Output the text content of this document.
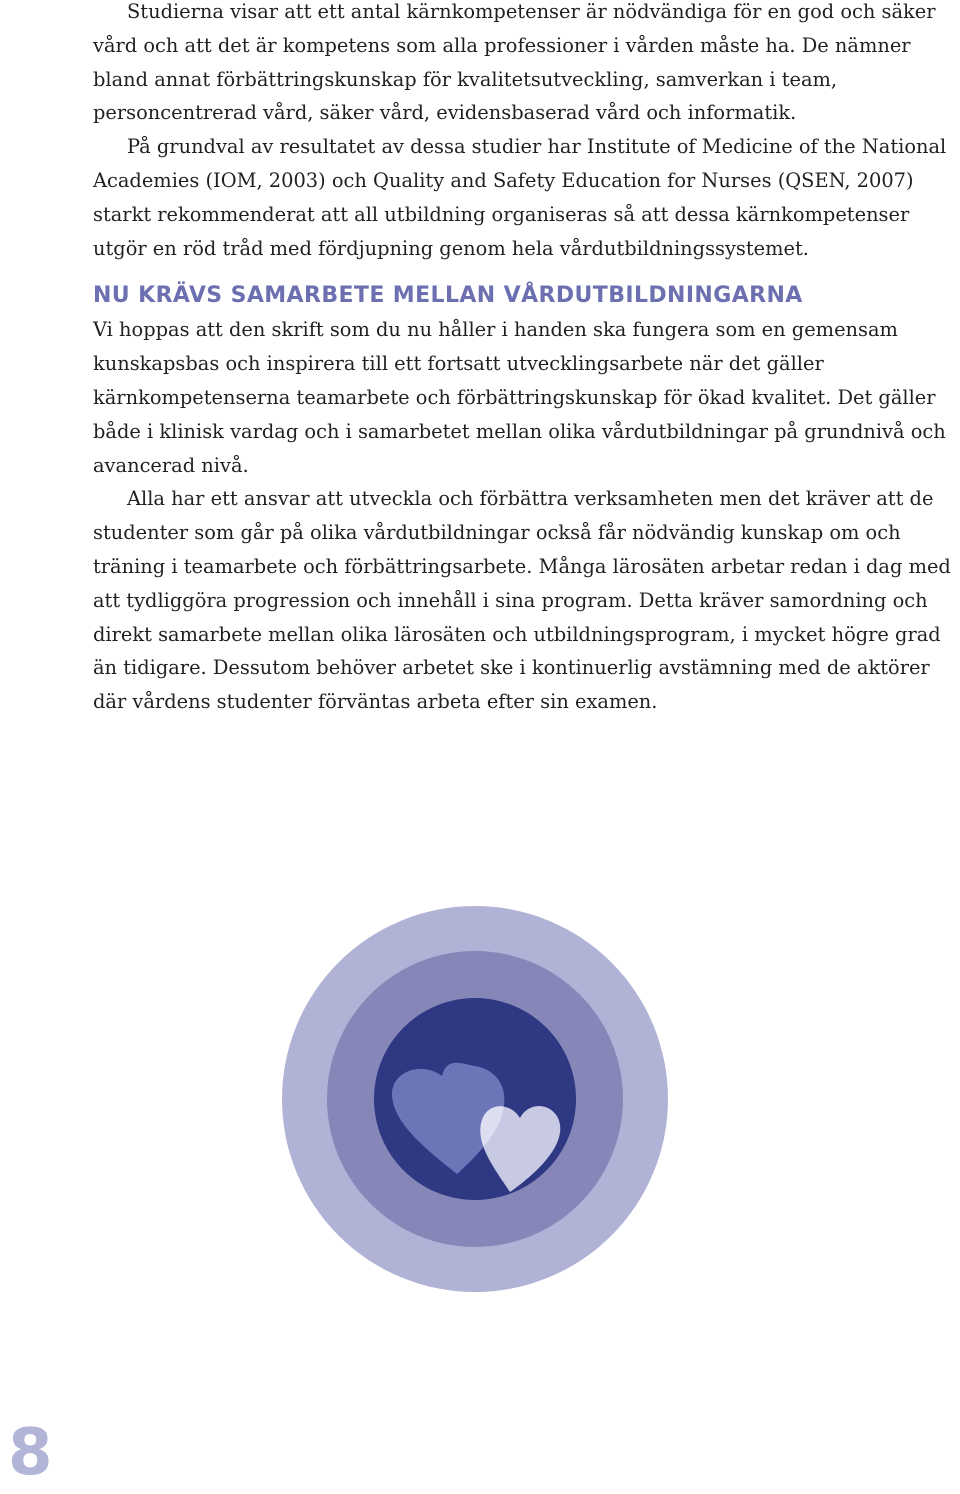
Studierna visar att ett antal kärnkompetenser är nödvändiga för en god och säker vård och att det är kompetens som alla professioner i vården måste ha. De nämner bland annat förbättringskunskap för kvalitetsutveckling, samverkan i team, personcentrerad vård, säker vård, evidensbaserad vård och informatik.

På grundval av resultatet av dessa studier har Institute of Medicine of the National Academies (IOM, 2003) och Quality and Safety Education for Nurses (QSEN, 2007) starkt rekommenderat att all utbildning organiseras så att dessa kärnkompetenser utgör en röd tråd med fördjupning genom hela vårdutbildningssystemet.

NU KRÄVS SAMARBETE MELLAN VÅRDUTBILDNINGARNA

Vi hoppas att den skrift som du nu håller i handen ska fungera som en gemensam kunskapsbas och inspirera till ett fortsatt utvecklingsarbete när det gäller kärnkompetenserna teamarbete och förbättringskunskap för ökad kvalitet. Det gäller både i klinisk vardag och i samarbetet mellan olika vårdutbildningar på grundnivå och avancerad nivå.

Alla har ett ansvar att utveckla och förbättra verksamheten men det kräver att de studenter som går på olika vårdutbildningar också får nödvändig kunskap om och träning i teamarbete och förbättringsarbete. Många lärosäten arbetar redan i dag med att tydliggöra progression och innehåll i sina program. Detta kräver samordning och direkt samarbete mellan olika lärosäten och utbildningsprogram, i mycket högre grad än tidigare. Dessutom behöver arbetet ske i kontinuerlig avstämning med de aktörer där vårdens studenter förväntas arbeta efter sin examen.

8
